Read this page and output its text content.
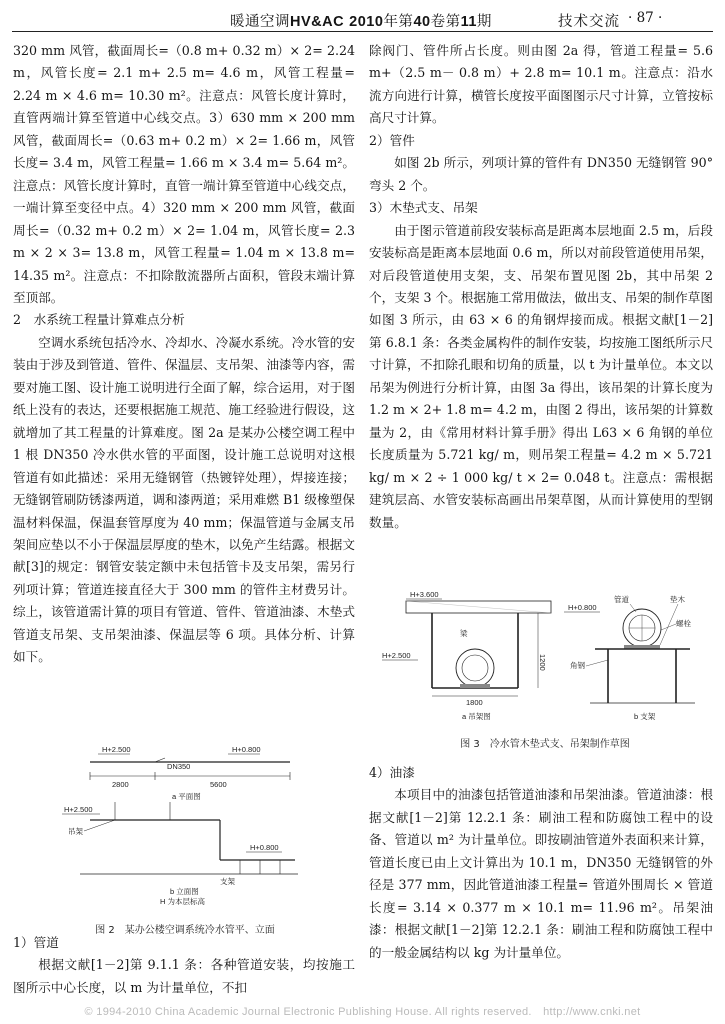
暖通空调HV&AC 2010年第40卷第11期	技术交流 · 87 ·

320 mm 风管，截面周长=（0.8 m+ 0.32 m）× 2= 2.24 m，风管长度= 2.1 m+ 2.5 m= 4.6 m，风管工程量= 2.24 m × 4.6 m= 10.30 m²。注意点：风管长度计算时，直管两端计算至管道中心线交点。3）630 mm × 200 mm 风管，截面周长=（0.63 m+ 0.2 m）× 2= 1.66 m，风管长度= 3.4 m，风管工程量= 1.66 m × 3.4 m= 5.64 m²。注意点：风管长度计算时，直管一端计算至管道中心线交点，一端计算至变径中点。4）320 mm × 200 mm 风管，截面周长=（0.32 m+ 0.2 m）× 2= 1.04 m，风管长度= 2.3 m × 2 × 3= 13.8 m，风管工程量= 1.04 m × 13.8 m= 14.35 m²。注意点：不扣除散流器所占面积，管段末端计算至顶部。

2　水系统工程量计算难点分析

空调水系统包括冷水、冷却水、冷凝水系统。冷水管的安装由于涉及到管道、管件、保温层、支吊架、油漆等内容，需要对施工图、设计施工说明进行全面了解，综合运用，对于图纸上没有的表达，还要根据施工规范、施工经验进行假设，这就增加了其工程量的计算难度。图 2a 是某办公楼空调工程中 1 根 DN350 冷水供水管的平面图，设计施工总说明对这根管道有如此描述：采用无缝钢管（热镀锌处理），焊接连接；无缝钢管刷防锈漆两道，调和漆两道；采用难燃 B1 级橡塑保温材料保温，保温套管厚度为 40 mm；保温管道与金属支吊架间应垫以不小于保温层厚度的垫木，以免产生结露。根据文献[3]的规定：钢管安装定额中未包括管卡及支吊架，需另行列项计算；管道连接直径大于 300 mm 的管件主材费另计。综上，该管道需计算的项目有管道、管件、管道油漆、木垫式管道支吊架、支吊架油漆、保温层等 6 项。具体分析、计算如下。

H+2.500	H+0.800
DN350
2800	5600
a 平面图
H+2.500
吊架
H+0.800
支架
b 立面图
H 为本层标高
图 2　某办公楼空调系统冷水管平、立面

1）管道

根据文献[1－2]第 9.1.1 条：各种管道安装，均按施工图所示中心长度，以 m 为计量单位，不扣

除阀门、管件所占长度。则由图 2a 得，管道工程量= 5.6 m+（2.5 m－ 0.8 m）+ 2.8 m= 10.1 m。注意点：沿水流方向进行计算，横管长度按平面图图示尺寸计算，立管按标高尺寸计算。

2）管件

如图 2b 所示，列项计算的管件有 DN350 无缝钢管 90°弯头 2 个。

3）木垫式支、吊架

由于图示管道前段安装标高是距离本层地面 2.5 m，后段安装标高是距离本层地面 0.6 m，所以对前段管道使用吊架，对后段管道使用支架，支、吊架布置见图 2b，其中吊架 2 个，支架 3 个。根据施工常用做法，做出支、吊架的制作草图如图 3 所示，由 63 × 6 的角钢焊接而成。根据文献[1－2]第 6.8.1 条：各类金属构件的制作安装，均按施工图纸所示尺寸计算，不扣除孔眼和切角的质量，以 t 为计量单位。本文以吊架为例进行分析计算，由图 3a 得出，该吊架的计算长度为 1.2 m × 2+ 1.8 m= 4.2 m，由图 2 得出，该吊架的计算数量为 2，由《常用材料计算手册》得出 L63 × 6 角钢的单位长度质量为 5.721 kg/ m，则吊架工程量= 4.2 m × 5.721 kg/ m × 2 ÷ 1 000 kg/ t × 2= 0.048 t。注意点：需根据建筑层高、水管安装标高画出吊架草图，从而计算使用的型钢数量。

H+3.600
梁
H+2.500	1200
1800
a 吊架图
H+0.800
管道	垫木
螺栓
角钢
b 支架
图 3　冷水管木垫式支、吊架制作草图

4）油漆

本项目中的油漆包括管道油漆和吊架油漆。管道油漆：根据文献[1－2]第 12.2.1 条：刷油工程和防腐蚀工程中的设备、管道以 m² 为计量单位。即按刷油管道外表面积来计算，管道长度已由上文计算出为 10.1 m，DN350 无缝钢管的外径是 377 mm，因此管道油漆工程量= 管道外围周长 × 管道长度= 3.14 × 0.377 m × 10.1 m= 11.96 m²。吊架油漆：根据文献[1－2]第 12.2.1 条：刷油工程和防腐蚀工程中的一般金属结构以 kg 为计量单位。

© 1994-2010 China Academic Journal Electronic Publishing House. All rights reserved.　http://www.cnki.net
